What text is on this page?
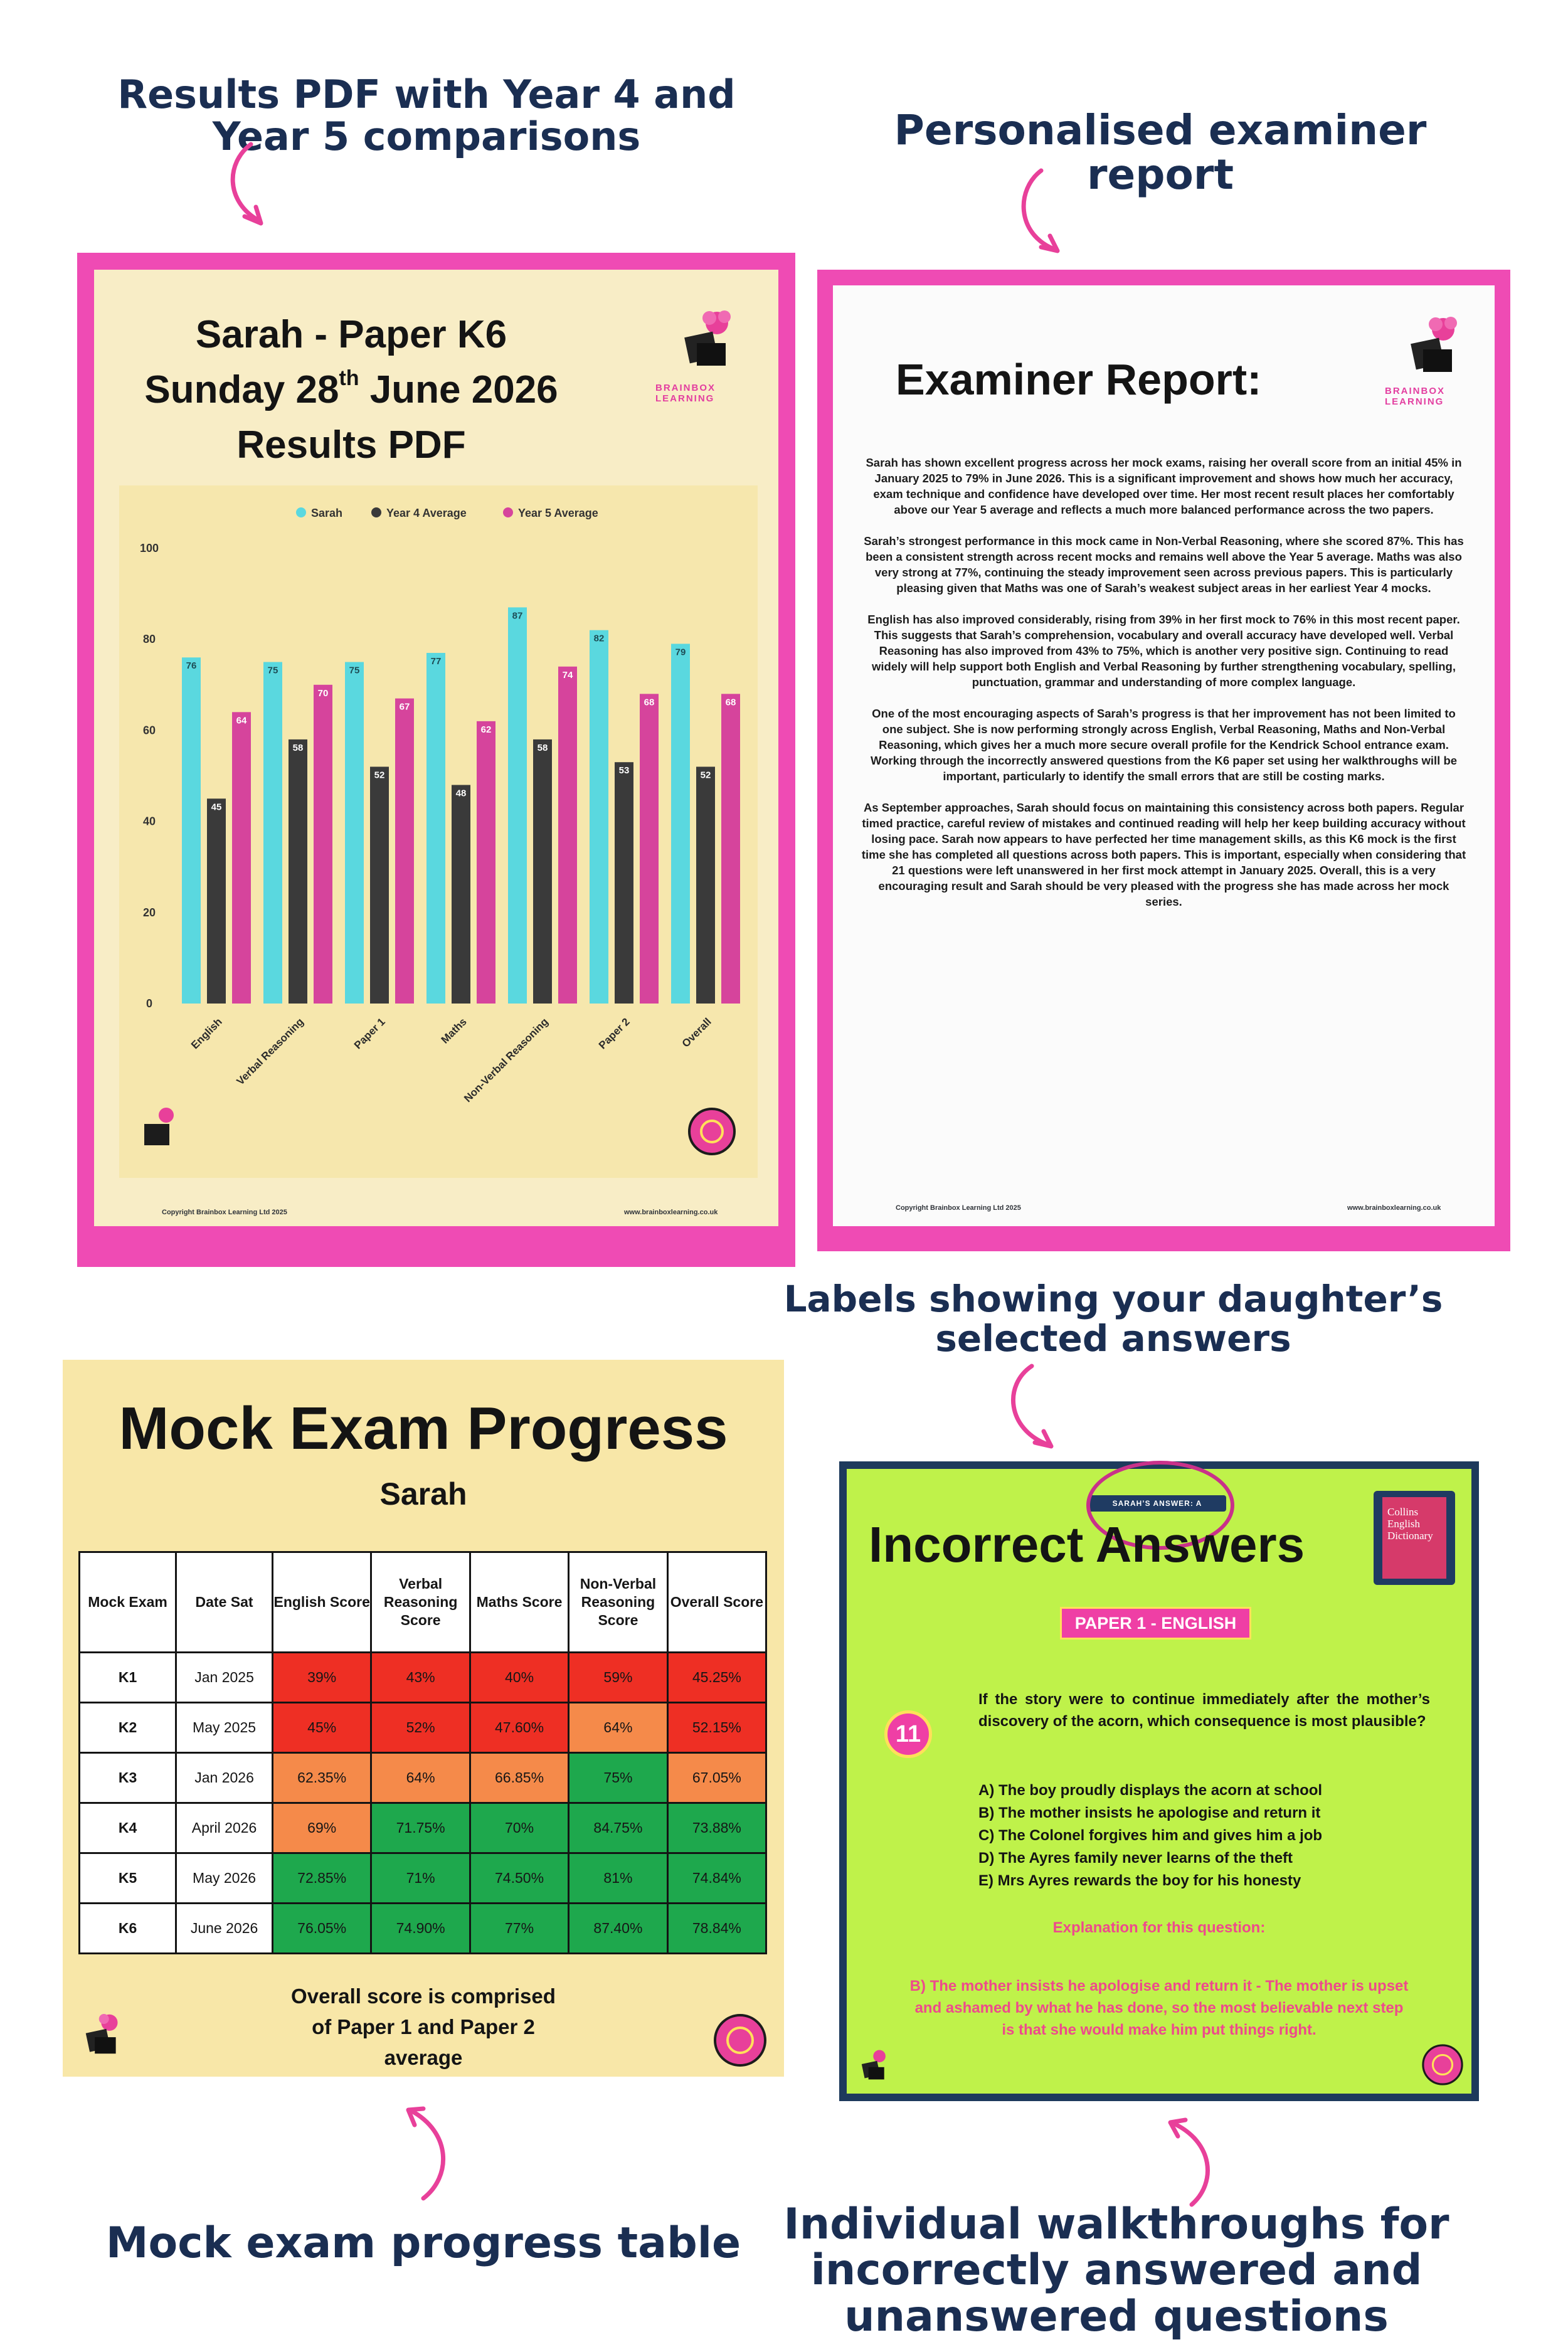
Results PDF with Year 4 and Year 5 comparisons	Personalised examiner report
Labels showing your daughter’s selected answers
Mock exam progress table	Individual walkthroughs for incorrectly answered and unanswered questions
Sarah - Paper K6
Sunday 28th June 2026
Results PDF
BRAINBOX LEARNING
Sarah	Year 4 Average	Year 5 Average
0
20
40
60
80
100
76
45
64
English
75
58
70
Verbal Reasoning
75
52
67
Paper 1
77
48
62
Maths
87
58
74
Non-Verbal Reasoning
82
53
68
Paper 2
79
52
68
Overall
Copyright Brainbox Learning Ltd 2025	www.brainboxlearning.co.uk
Examiner Report:	BRAINBOX LEARNING

Sarah has shown excellent progress across her mock exams, raising her overall score from an initial 45% in January 2025 to 79% in June 2026. This is a significant improvement and shows how much her accuracy, exam technique and confidence have developed over time. Her most recent result places her comfortably above our Year 5 average and reflects a much more balanced performance across the two papers.

Sarah’s strongest performance in this mock came in Non-Verbal Reasoning, where she scored 87%. This has been a consistent strength across recent mocks and remains well above the Year 5 average. Maths was also very strong at 77%, continuing the steady improvement seen across previous papers. This is particularly pleasing given that Maths was one of Sarah’s weakest subject areas in her earliest Year 4 mocks.

English has also improved considerably, rising from 39% in her first mock to 76% in this most recent paper. This suggests that Sarah’s comprehension, vocabulary and overall accuracy have developed well. Verbal Reasoning has also improved from 43% to 75%, which is another very positive sign. Continuing to read widely will help support both English and Verbal Reasoning by further strengthening vocabulary, spelling, punctuation, grammar and understanding of more complex language.

One of the most encouraging aspects of Sarah’s progress is that her improvement has not been limited to one subject. She is now performing strongly across English, Verbal Reasoning, Maths and Non-Verbal Reasoning, which gives her a much more secure overall profile for the Kendrick School entrance exam. Working through the incorrectly answered questions from the K6 paper set using her walkthroughs will be important, particularly to identify the small errors that are still be costing marks.

As September approaches, Sarah should focus on maintaining this consistency across both papers. Regular timed practice, careful review of mistakes and continued reading will help her keep building accuracy without losing pace. Sarah now appears to have perfected her time management skills, as this K6 mock is the first time she has completed all questions across both papers. This is important, especially when considering that 21 questions were left unanswered in her first mock attempt in January 2025. Overall, this is a very encouraging result and Sarah should be very pleased with the progress she has made across her mock series.

Copyright Brainbox Learning Ltd 2025	www.brainboxlearning.co.uk
Mock Exam Progress
Sarah
Mock Exam	Date Sat	English Score	Verbal Reasoning Score	Maths Score	Non-Verbal Reasoning Score	Overall Score
K1	Jan 2025	39%	43%	40%	59%	45.25%
K2	May 2025	45%	52%	47.60%	64%	52.15%
K3	Jan 2026	62.35%	64%	66.85%	75%	67.05%
K4	April 2026	69%	71.75%	70%	84.75%	73.88%
K5	May 2026	72.85%	71%	74.50%	81%	74.84%
K6	June 2026	76.05%	74.90%	77%	87.40%	78.84%
Overall score is comprised
of Paper 1 and Paper 2
average
SARAH’S ANSWER: A
Incorrect Answers
Collins English Dictionary
PAPER 1 - ENGLISH
11
If the story were to continue immediately after the mother’s discovery of the acorn, which consequence is most plausible?
A) The boy proudly displays the acorn at school
B) The mother insists he apologise and return it
C) The Colonel forgives him and gives him a job
D) The Ayres family never learns of the theft
E) Mrs Ayres rewards the boy for his honesty
Explanation for this question:
B) The mother insists he apologise and return it - The mother is upset and ashamed by what he has done, so the most believable next step is that she would make him put things right.
